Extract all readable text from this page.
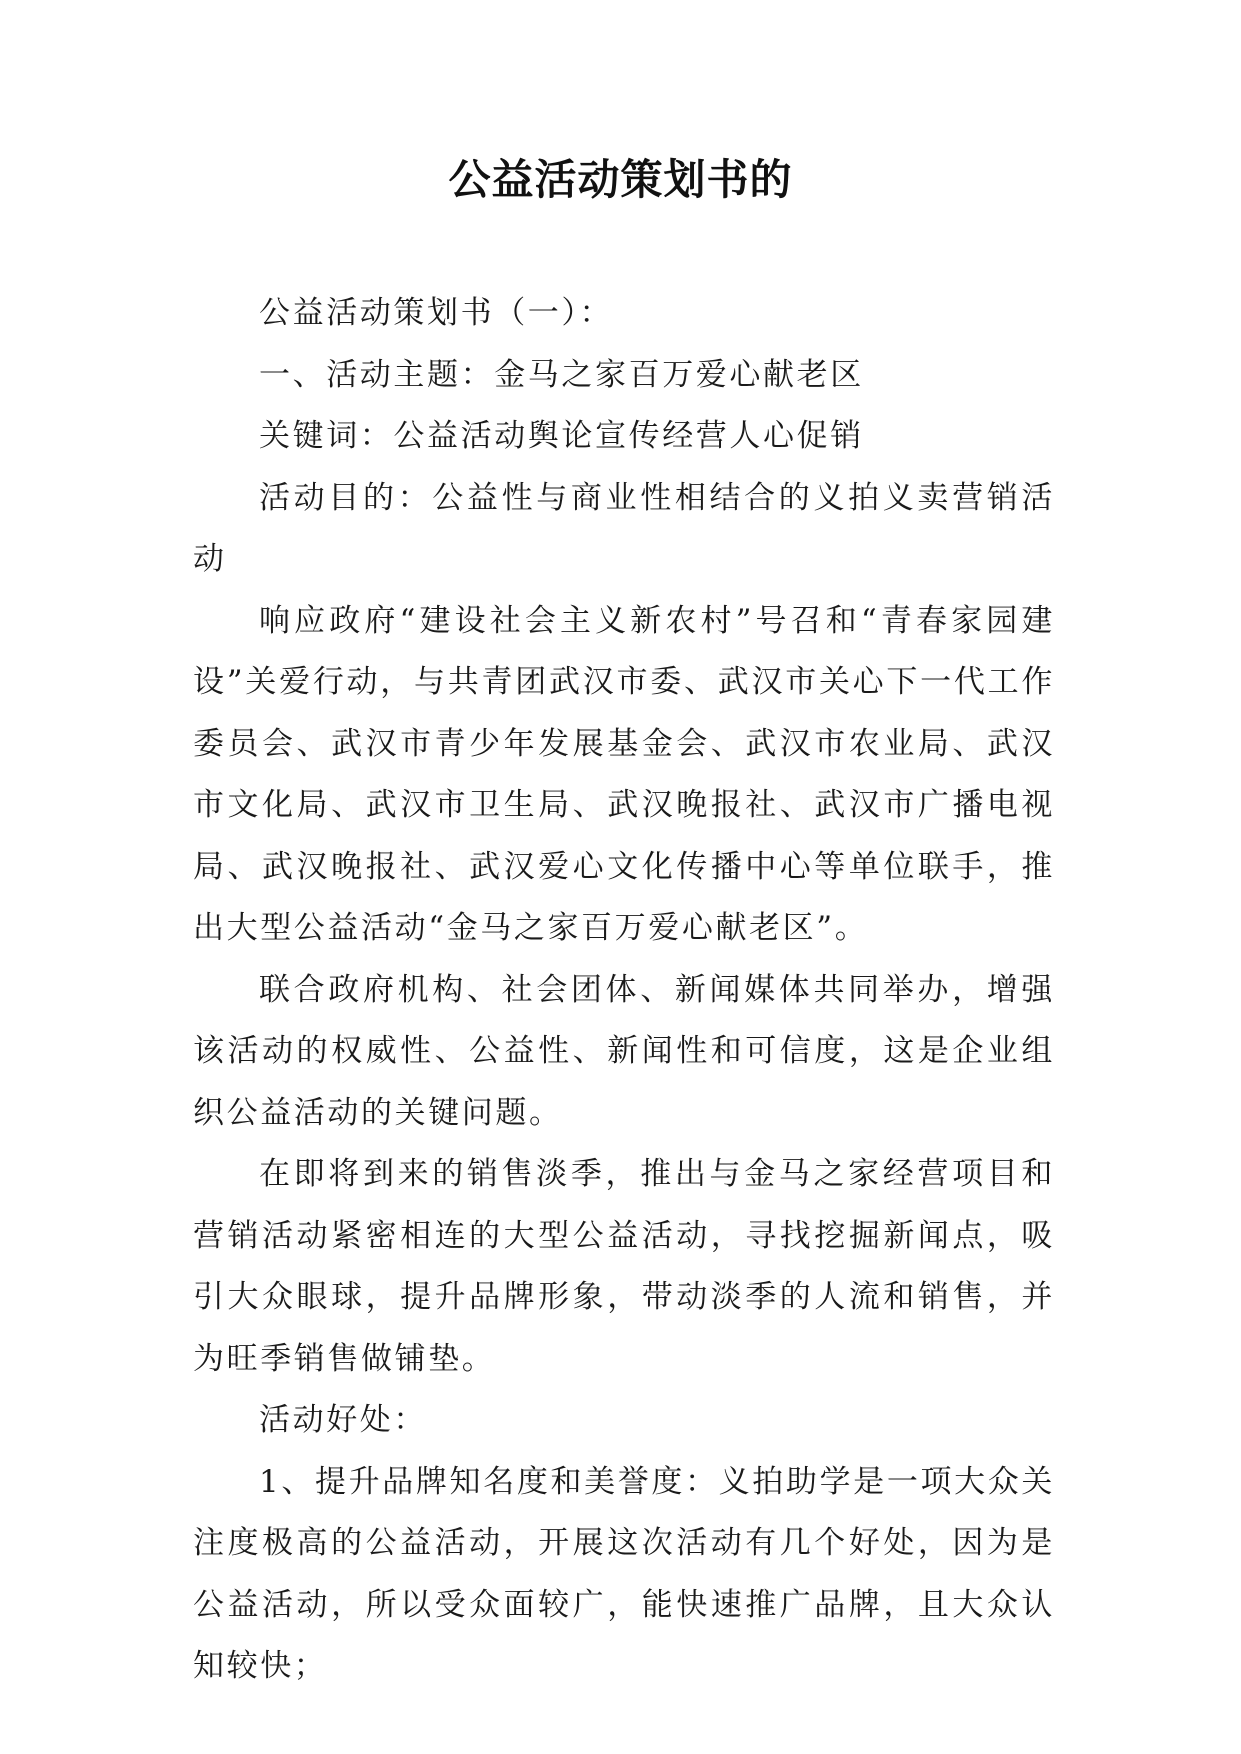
公益活动策划书的

公益活动策划书（一）：

一、活动主题：金马之家百万爱心献老区

关键词：公益活动舆论宣传经营人心促销

活动目的：公益性与商业性相结合的义拍义卖营销活动

响应政府“建设社会主义新农村”号召和“青春家园建设”关爱行动，与共青团武汉市委、武汉市关心下一代工作委员会、武汉市青少年发展基金会、武汉市农业局、武汉市文化局、武汉市卫生局、武汉晚报社、武汉市广播电视局、武汉晚报社、武汉爱心文化传播中心等单位联手，推出大型公益活动“金马之家百万爱心献老区”。

联合政府机构、社会团体、新闻媒体共同举办，增强该活动的权威性、公益性、新闻性和可信度，这是企业组织公益活动的关键问题。

在即将到来的销售淡季，推出与金马之家经营项目和营销活动紧密相连的大型公益活动，寻找挖掘新闻点，吸引大众眼球，提升品牌形象，带动淡季的人流和销售，并为旺季销售做铺垫。

活动好处：

1、提升品牌知名度和美誉度：义拍助学是一项大众关注度极高的公益活动，开展这次活动有几个好处，因为是公益活动，所以受众面较广，能快速推广品牌，且大众认知较快；
